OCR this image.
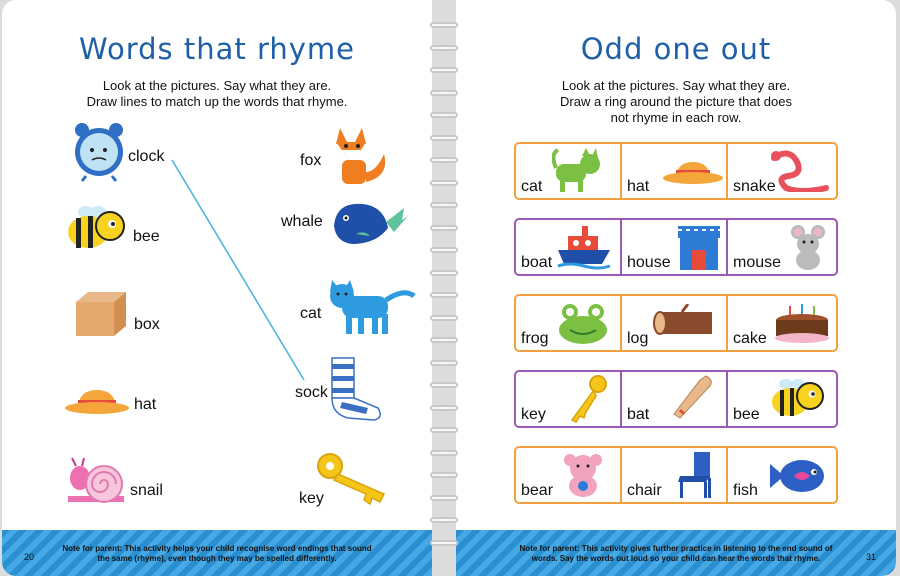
Words that rhyme
Look at the pictures. Say what they are.
Draw lines to match up the words that rhyme.
clock
bee
box
hat
snail
fox
whale
cat
sock
key
Note for parent: This activity helps your child recognise word endings that sound the same (rhyme), even though they may be spelled differently.
20
Odd one out
Look at the pictures. Say what they are.
Draw a ring around the picture that does
not rhyme in each row.
cat	hat	snake
boat	house	mouse
frog	log	cake
key	bat	bee
bear	chair	fish
Note for parent: This activity gives further practice in listening to the end sound of words. Say the words out loud so your child can hear the words that rhyme.	31
